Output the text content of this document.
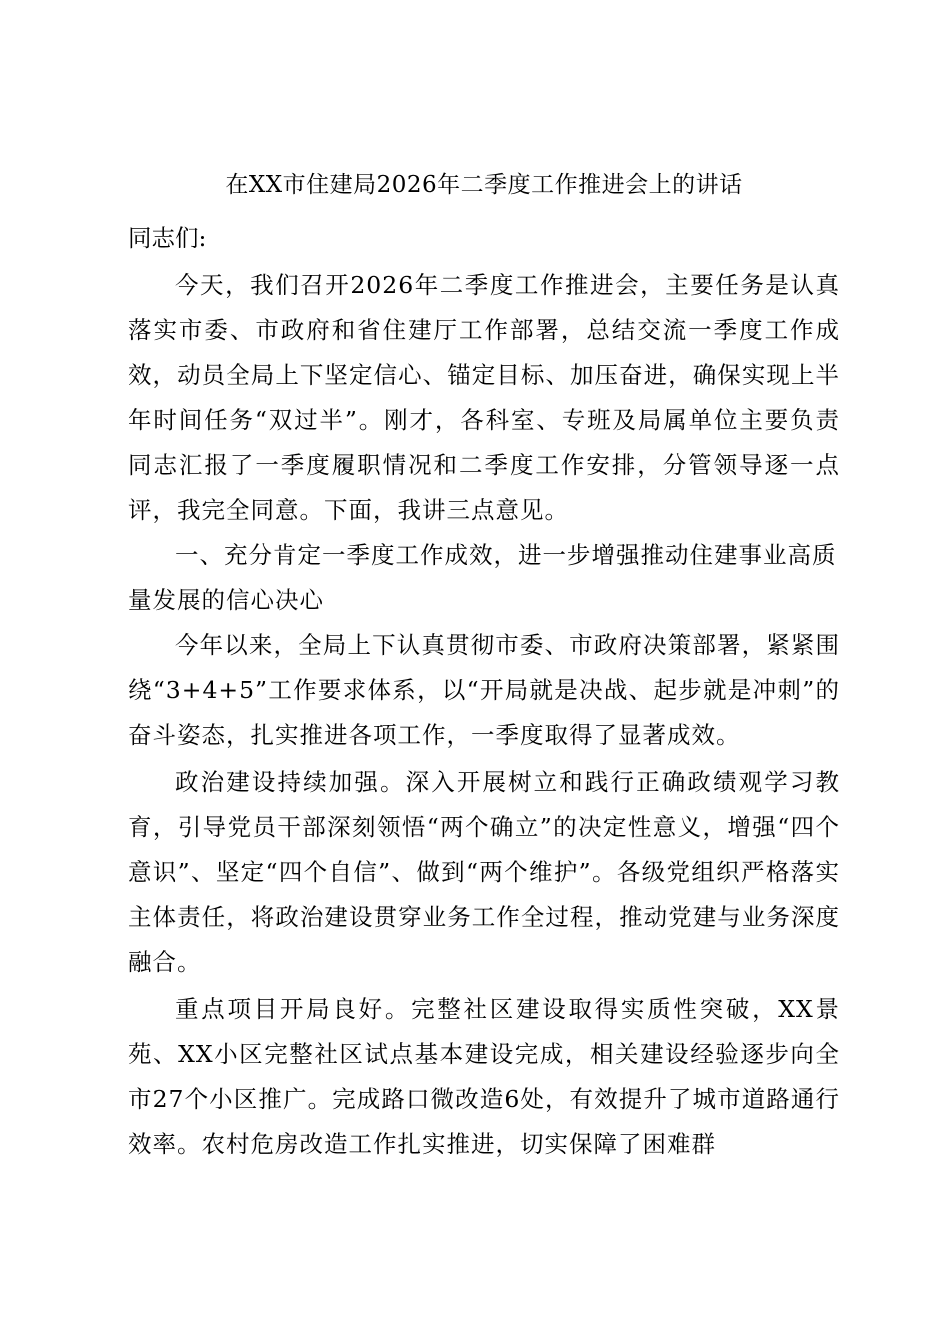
在XX市住建局2026年二季度工作推进会上的讲话

同志们:

今天，我们召开2026年二季度工作推进会，主要任务是认真落实市委、市政府和省住建厅工作部署，总结交流一季度工作成效，动员全局上下坚定信心、锚定目标、加压奋进，确保实现上半年时间任务“双过半”。刚才，各科室、专班及局属单位主要负责同志汇报了一季度履职情况和二季度工作安排，分管领导逐一点评，我完全同意。下面，我讲三点意见。

一、充分肯定一季度工作成效，进一步增强推动住建事业高质量发展的信心决心

今年以来，全局上下认真贯彻市委、市政府决策部署，紧紧围绕“3+4+5”工作要求体系，以“开局就是决战、起步就是冲刺”的奋斗姿态，扎实推进各项工作，一季度取得了显著成效。

政治建设持续加强。深入开展树立和践行正确政绩观学习教育，引导党员干部深刻领悟“两个确立”的决定性意义，增强“四个意识”、坚定“四个自信”、做到“两个维护”。各级党组织严格落实主体责任，将政治建设贯穿业务工作全过程，推动党建与业务深度融合。

重点项目开局良好。完整社区建设取得实质性突破，XX景苑、XX小区完整社区试点基本建设完成，相关建设经验逐步向全市27个小区推广。完成路口微改造6处，有效提升了城市道路通行效率。农村危房改造工作扎实推进，切实保障了困难群
